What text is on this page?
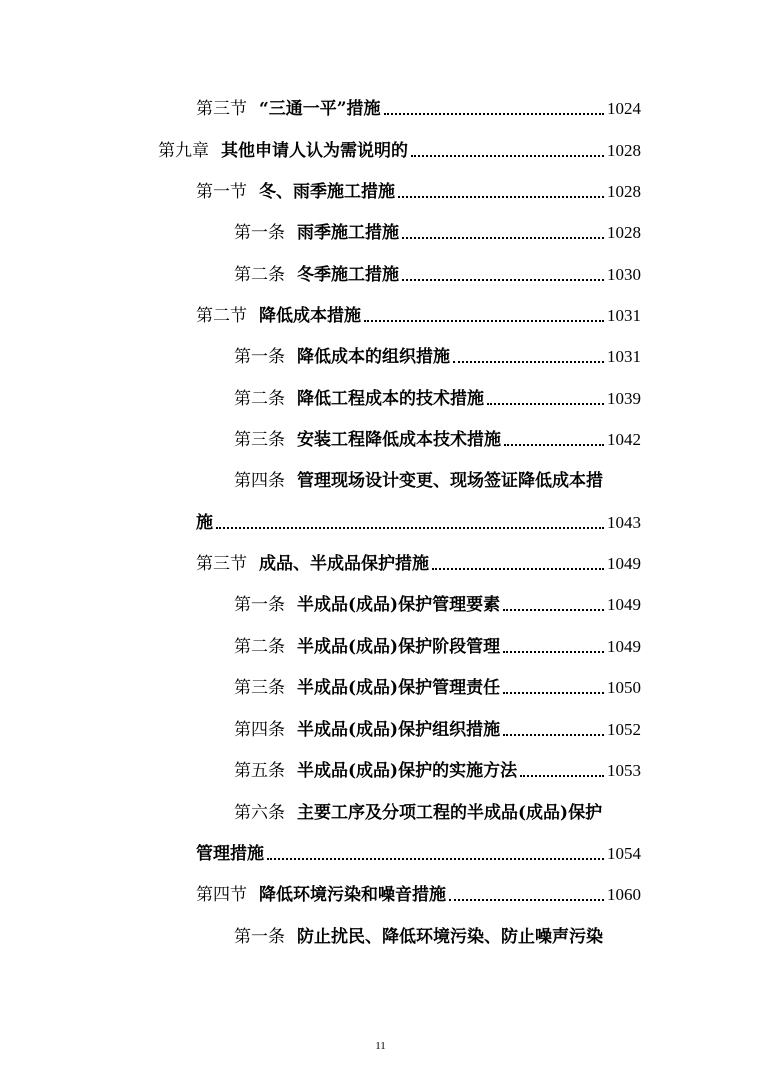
第三节 “三通一平”措施	1024
第九章 其他申请人认为需说明的	1028
第一节 冬、雨季施工措施	1028
第一条 雨季施工措施	1028
第二条 冬季施工措施	1030
第二节 降低成本措施	1031
第一条 降低成本的组织措施	1031
第二条 降低工程成本的技术措施	1039
第三条 安装工程降低成本技术措施	1042
第四条 管理现场设计变更、现场签证降低成本措
施	1043
第三节 成品、半成品保护措施	1049
第一条 半成品(成品)保护管理要素	1049
第二条 半成品(成品)保护阶段管理	1049
第三条 半成品(成品)保护管理责任	1050
第四条 半成品(成品)保护组织措施	1052
第五条 半成品(成品)保护的实施方法	1053
第六条 主要工序及分项工程的半成品(成品)保护
管理措施	1054
第四节 降低环境污染和噪音措施	1060
第一条 防止扰民、降低环境污染、防止噪声污染
11
